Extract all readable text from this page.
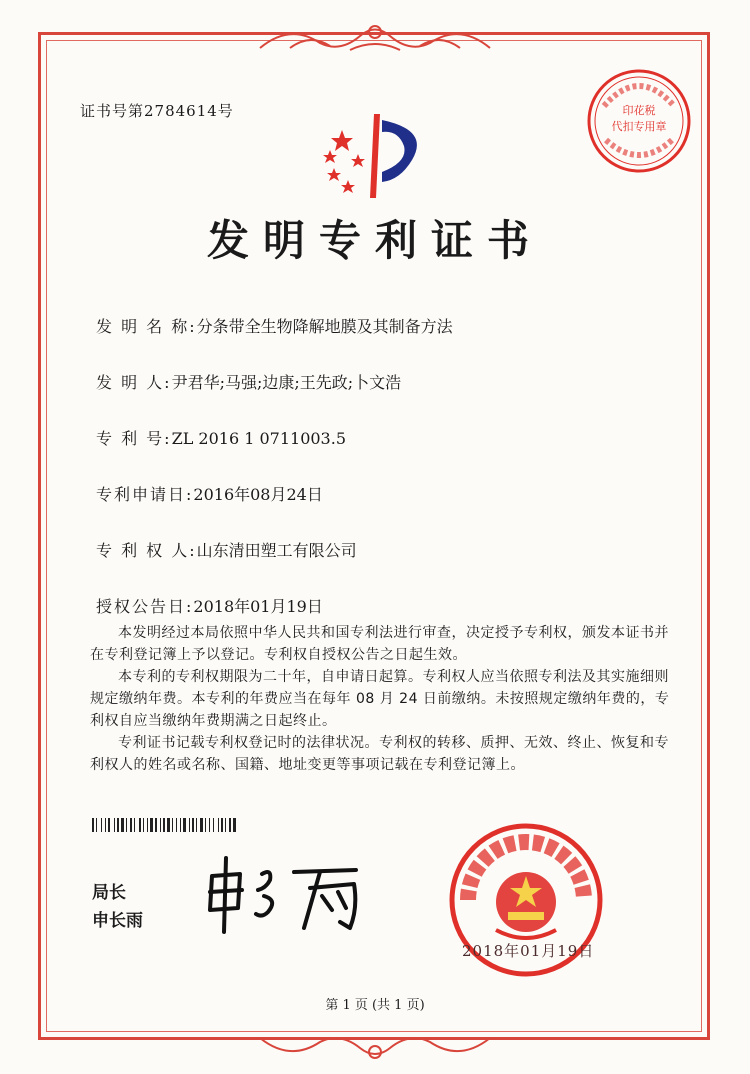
证书号第2784614号	印花税
代扣专用章
发明专利证书
发 明 名 称:分条带全生物降解地膜及其制备方法
发 明 人:尹君华;马强;边康;王先政;卜文浩
专 利 号:ZL 2016 1 0711003.5
专利申请日:2016年08月24日
专 利 权 人:山东清田塑工有限公司
授权公告日:2018年01月19日

本发明经过本局依照中华人民共和国专利法进行审查，决定授予专利权，颁发本证书并在专利登记簿上予以登记。专利权自授权公告之日起生效。

本专利的专利权期限为二十年，自申请日起算。专利权人应当依照专利法及其实施细则规定缴纳年费。本专利的年费应当在每年 08 月 24 日前缴纳。未按照规定缴纳年费的，专利权自应当缴纳年费期满之日起终止。

专利证书记载专利权登记时的法律状况。专利权的转移、质押、无效、终止、恢复和专利权人的姓名或名称、国籍、地址变更等事项记载在专利登记簿上。

局长
申长雨
2018年01月19日
第 1 页 (共 1 页)
